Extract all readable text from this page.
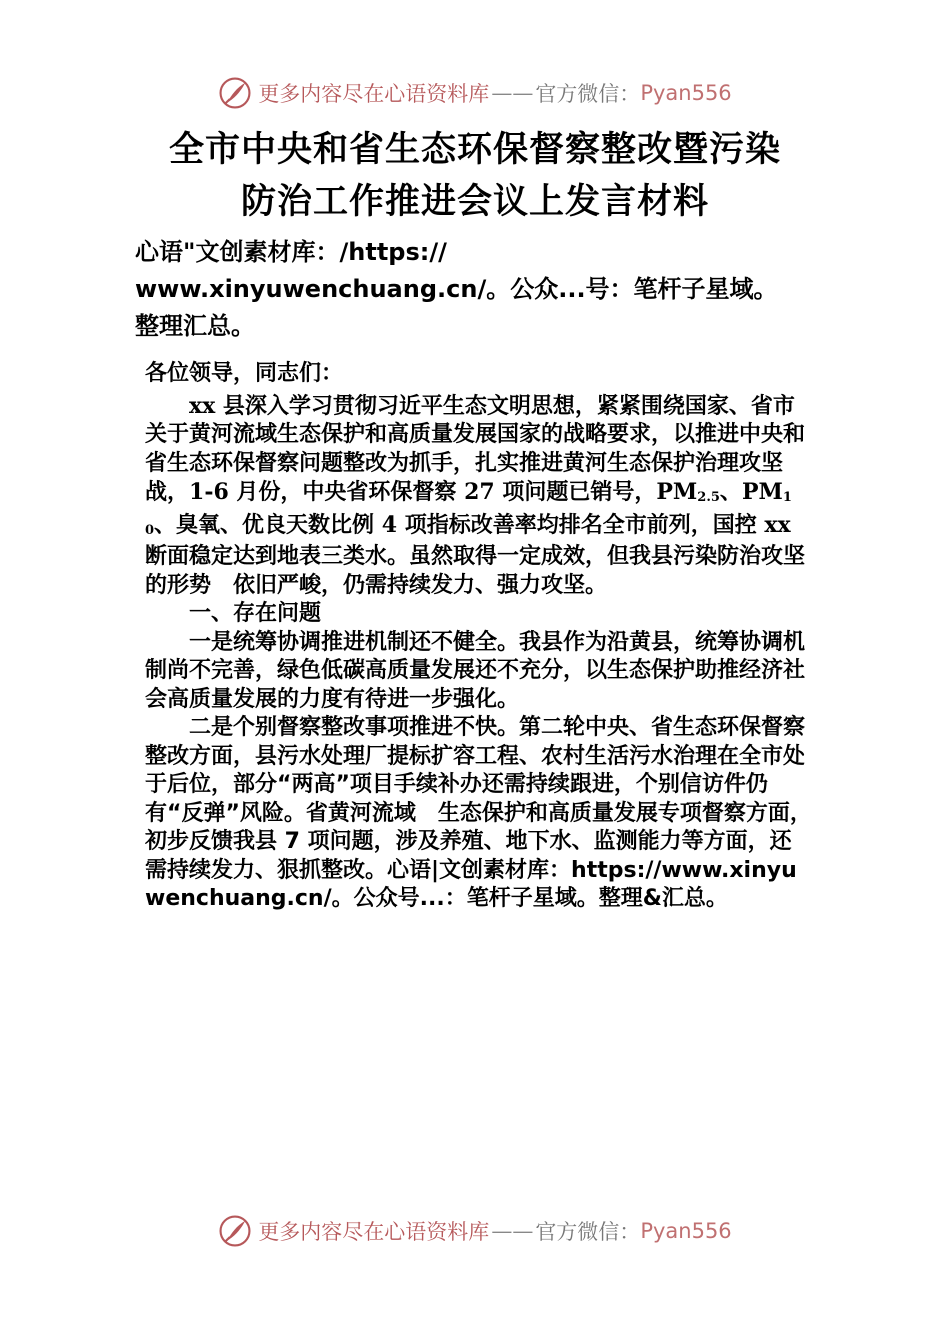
更多内容尽在心语资料库 —— 官方微信： Pyan556
全市中央和省生态环保督察整改暨污染
防治工作推进会议上发言材料
心语"文创素材库：/https://
www.xinyuwenchuang.cn/。公众...号：笔杆子星域。
整理汇总。

各位领导，同志们：

xx 县深入学习贯彻习近平生态文明思想，紧紧围绕国家、省市关于黄河流域生态保护和高质量发展国家的战略要求，以推进中央和省生态环保督察问题整改为抓手，扎实推进黄河生态保护治理攻坚战，1-6 月份，中央省环保督察 27 项问题已销号，$PM_{2.5}$、$PM_{10}$、臭氧、优良天数比例 4 项指标改善率均排名全市前列，国控 xx 断面稳定达到地表三类水。虽然取得一定成效，但我县污染防治攻坚的形势　依旧严峻，仍需持续发力、强力攻坚。

一、存在问题

一是统筹协调推进机制还不健全。我县作为沿黄县，统筹协调机制尚不完善，绿色低碳高质量发展还不充分，以生态保护助推经济社会高质量发展的力度有待进一步强化。

二是个别督察整改事项推进不快。第二轮中央、省生态环保督察整改方面，县污水处理厂提标扩容工程、农村生活污水治理在全市处于后位，部分“两高”项目手续补办还需持续跟进，个别信访件仍有“反弹”风险。省黄河流域　生态保护和高质量发展专项督察方面，初步反馈我县 7 项问题，涉及养殖、地下水、监测能力等方面，还需持续发力、狠抓整改。心语|文创素材库：https://www.xinyuwenchuang.cn/。公众号...：笔杆子星域。整理&汇总。

更多内容尽在心语资料库 —— 官方微信： Pyan556
